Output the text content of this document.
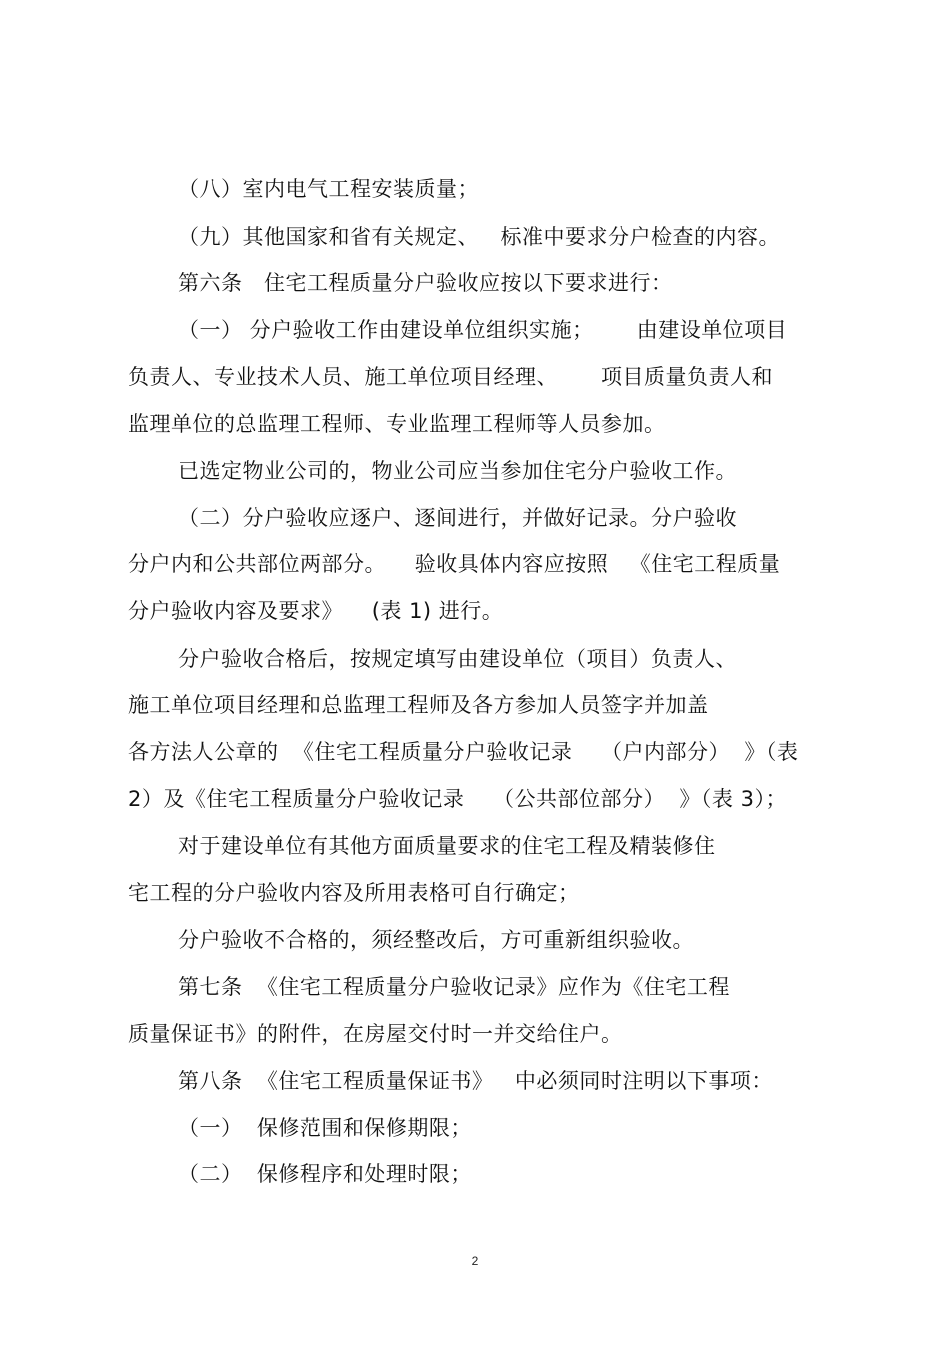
（八）室内电气工程安装质量；
（九）其他国家和省有关规定、   标准中要求分户检查的内容。
第六条   住宅工程质量分户验收应按以下要求进行：
（一） 分户验收工作由建设单位组织实施；      由建设单位项目
负责人、专业技术人员、施工单位项目经理、      项目质量负责人和
监理单位的总监理工程师、专业监理工程师等人员参加。
已选定物业公司的，物业公司应当参加住宅分户验收工作。
（二）分户验收应逐户、逐间进行，并做好记录。分户验收
分户内和公共部位两部分。    验收具体内容应按照   《住宅工程质量
分户验收内容及要求》    (表 1) 进行。
分户验收合格后，按规定填写由建设单位（项目）负责人、
施工单位项目经理和总监理工程师及各方参加人员签字并加盖
各方法人公章的  《住宅工程质量分户验收记录    （户内部分）  》（表
2）及《住宅工程质量分户验收记录    （公共部位部分）  》（表 3）；
对于建设单位有其他方面质量要求的住宅工程及精装修住
宅工程的分户验收内容及所用表格可自行确定；
分户验收不合格的，须经整改后，方可重新组织验收。
第七条  《住宅工程质量分户验收记录》应作为《住宅工程
质量保证书》的附件，在房屋交付时一并交给住户。
第八条  《住宅工程质量保证书》   中必须同时注明以下事项：
（一）  保修范围和保修期限；
（二）  保修程序和处理时限；
2
